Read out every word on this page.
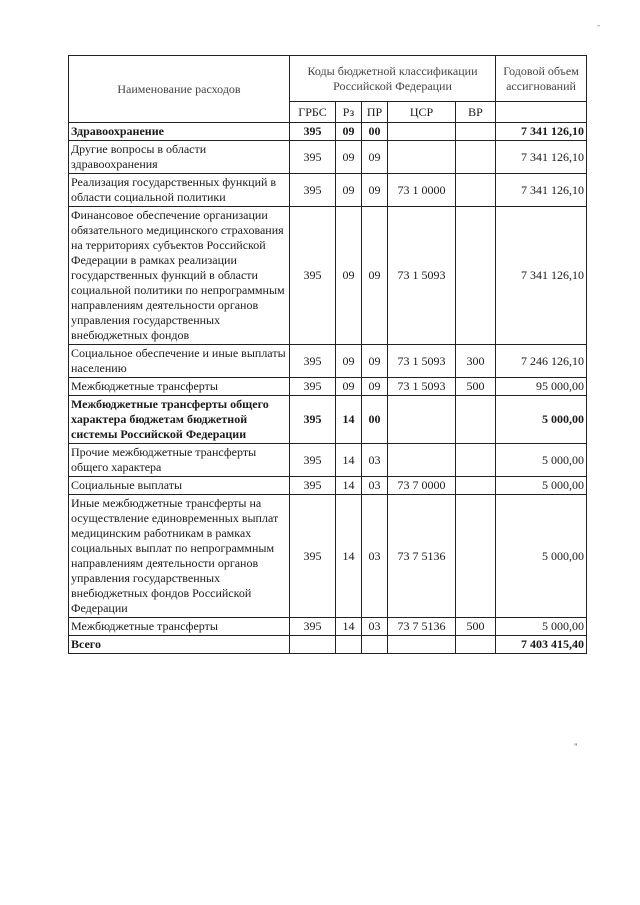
-
Наименование расходов	Коды бюджетной классификации Российской Федерации					Годовой объем ассигнований
	ГРБС	Рз	ПР	ЦСР	ВР	
Здравоохранение	395	09	00			7 341 126,10
Другие вопросы в области здравоохранения	395	09	09			7 341 126,10
Реализация государственных функций в области социальной политики	395	09	09	73 1 0000		7 341 126,10
Финансовое обеспечение организации обязательного медицинского страхования на территориях субъектов Российской Федерации в рамках реализации государственных функций в области социальной политики по непрограммным направлениям деятельности органов управления государственных внебюджетных фондов	395	09	09	73 1 5093		7 341 126,10
Социальное обеспечение и иные выплаты населению	395	09	09	73 1 5093	300	7 246 126,10
Межбюджетные трансферты	395	09	09	73 1 5093	500	95 000,00
Межбюджетные трансферты общего характера бюджетам бюджетной системы Российской Федерации	395	14	00			5 000,00
Прочие межбюджетные трансферты общего характера	395	14	03			5 000,00
Социальные выплаты	395	14	03	73 7 0000		5 000,00
Иные межбюджетные трансферты на осуществление единовременных выплат медицинским работникам в рамках социальных выплат по непрограммным направлениям деятельности органов управления государственных внебюджетных фондов Российской Федерации	395	14	03	73 7 5136		5 000,00
Межбюджетные трансферты	395	14	03	73 7 5136	500	5 000,00
Всего						7 403 415,40
"
